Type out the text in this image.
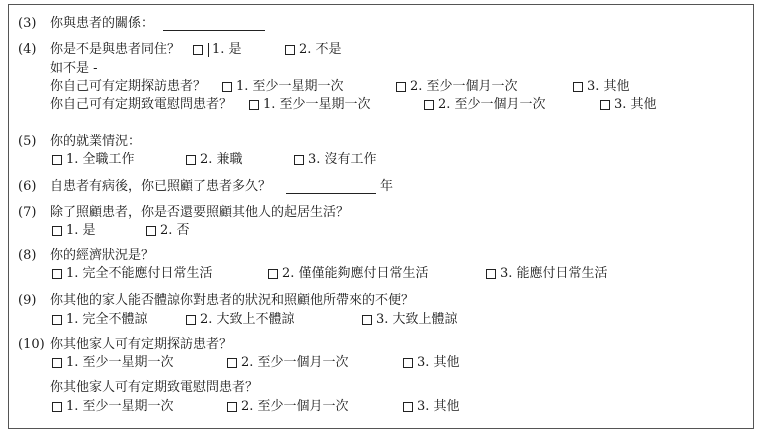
(3) 你與患者的關係：
(4) 你是不是與患者同住？ 1. 是	2. 不是
如不是 -
你自己可有定期探訪患者？ 1. 至少一星期一次	2. 至少一個月一次	3. 其他
你自己可有定期致電慰問患者？ 1. 至少一星期一次	2. 至少一個月一次	3. 其他
(5) 你的就業情況：
1. 全職工作	2. 兼職	3. 沒有工作
(6) 自患者有病後，你已照顧了患者多久？	年
(7) 除了照顧患者，你是否還要照顧其他人的起居生活？
1. 是	2. 否
(8) 你的經濟狀況是？
1. 完全不能應付日常生活	2. 僅僅能夠應付日常生活	3. 能應付日常生活
(9) 你其他的家人能否體諒你對患者的狀況和照顧他所帶來的不便？
1. 完全不體諒	2. 大致上不體諒	3. 大致上體諒
(10) 你其他家人可有定期探訪患者？
1. 至少一星期一次	2. 至少一個月一次	3. 其他
你其他家人可有定期致電慰問患者？
1. 至少一星期一次	2. 至少一個月一次	3. 其他
